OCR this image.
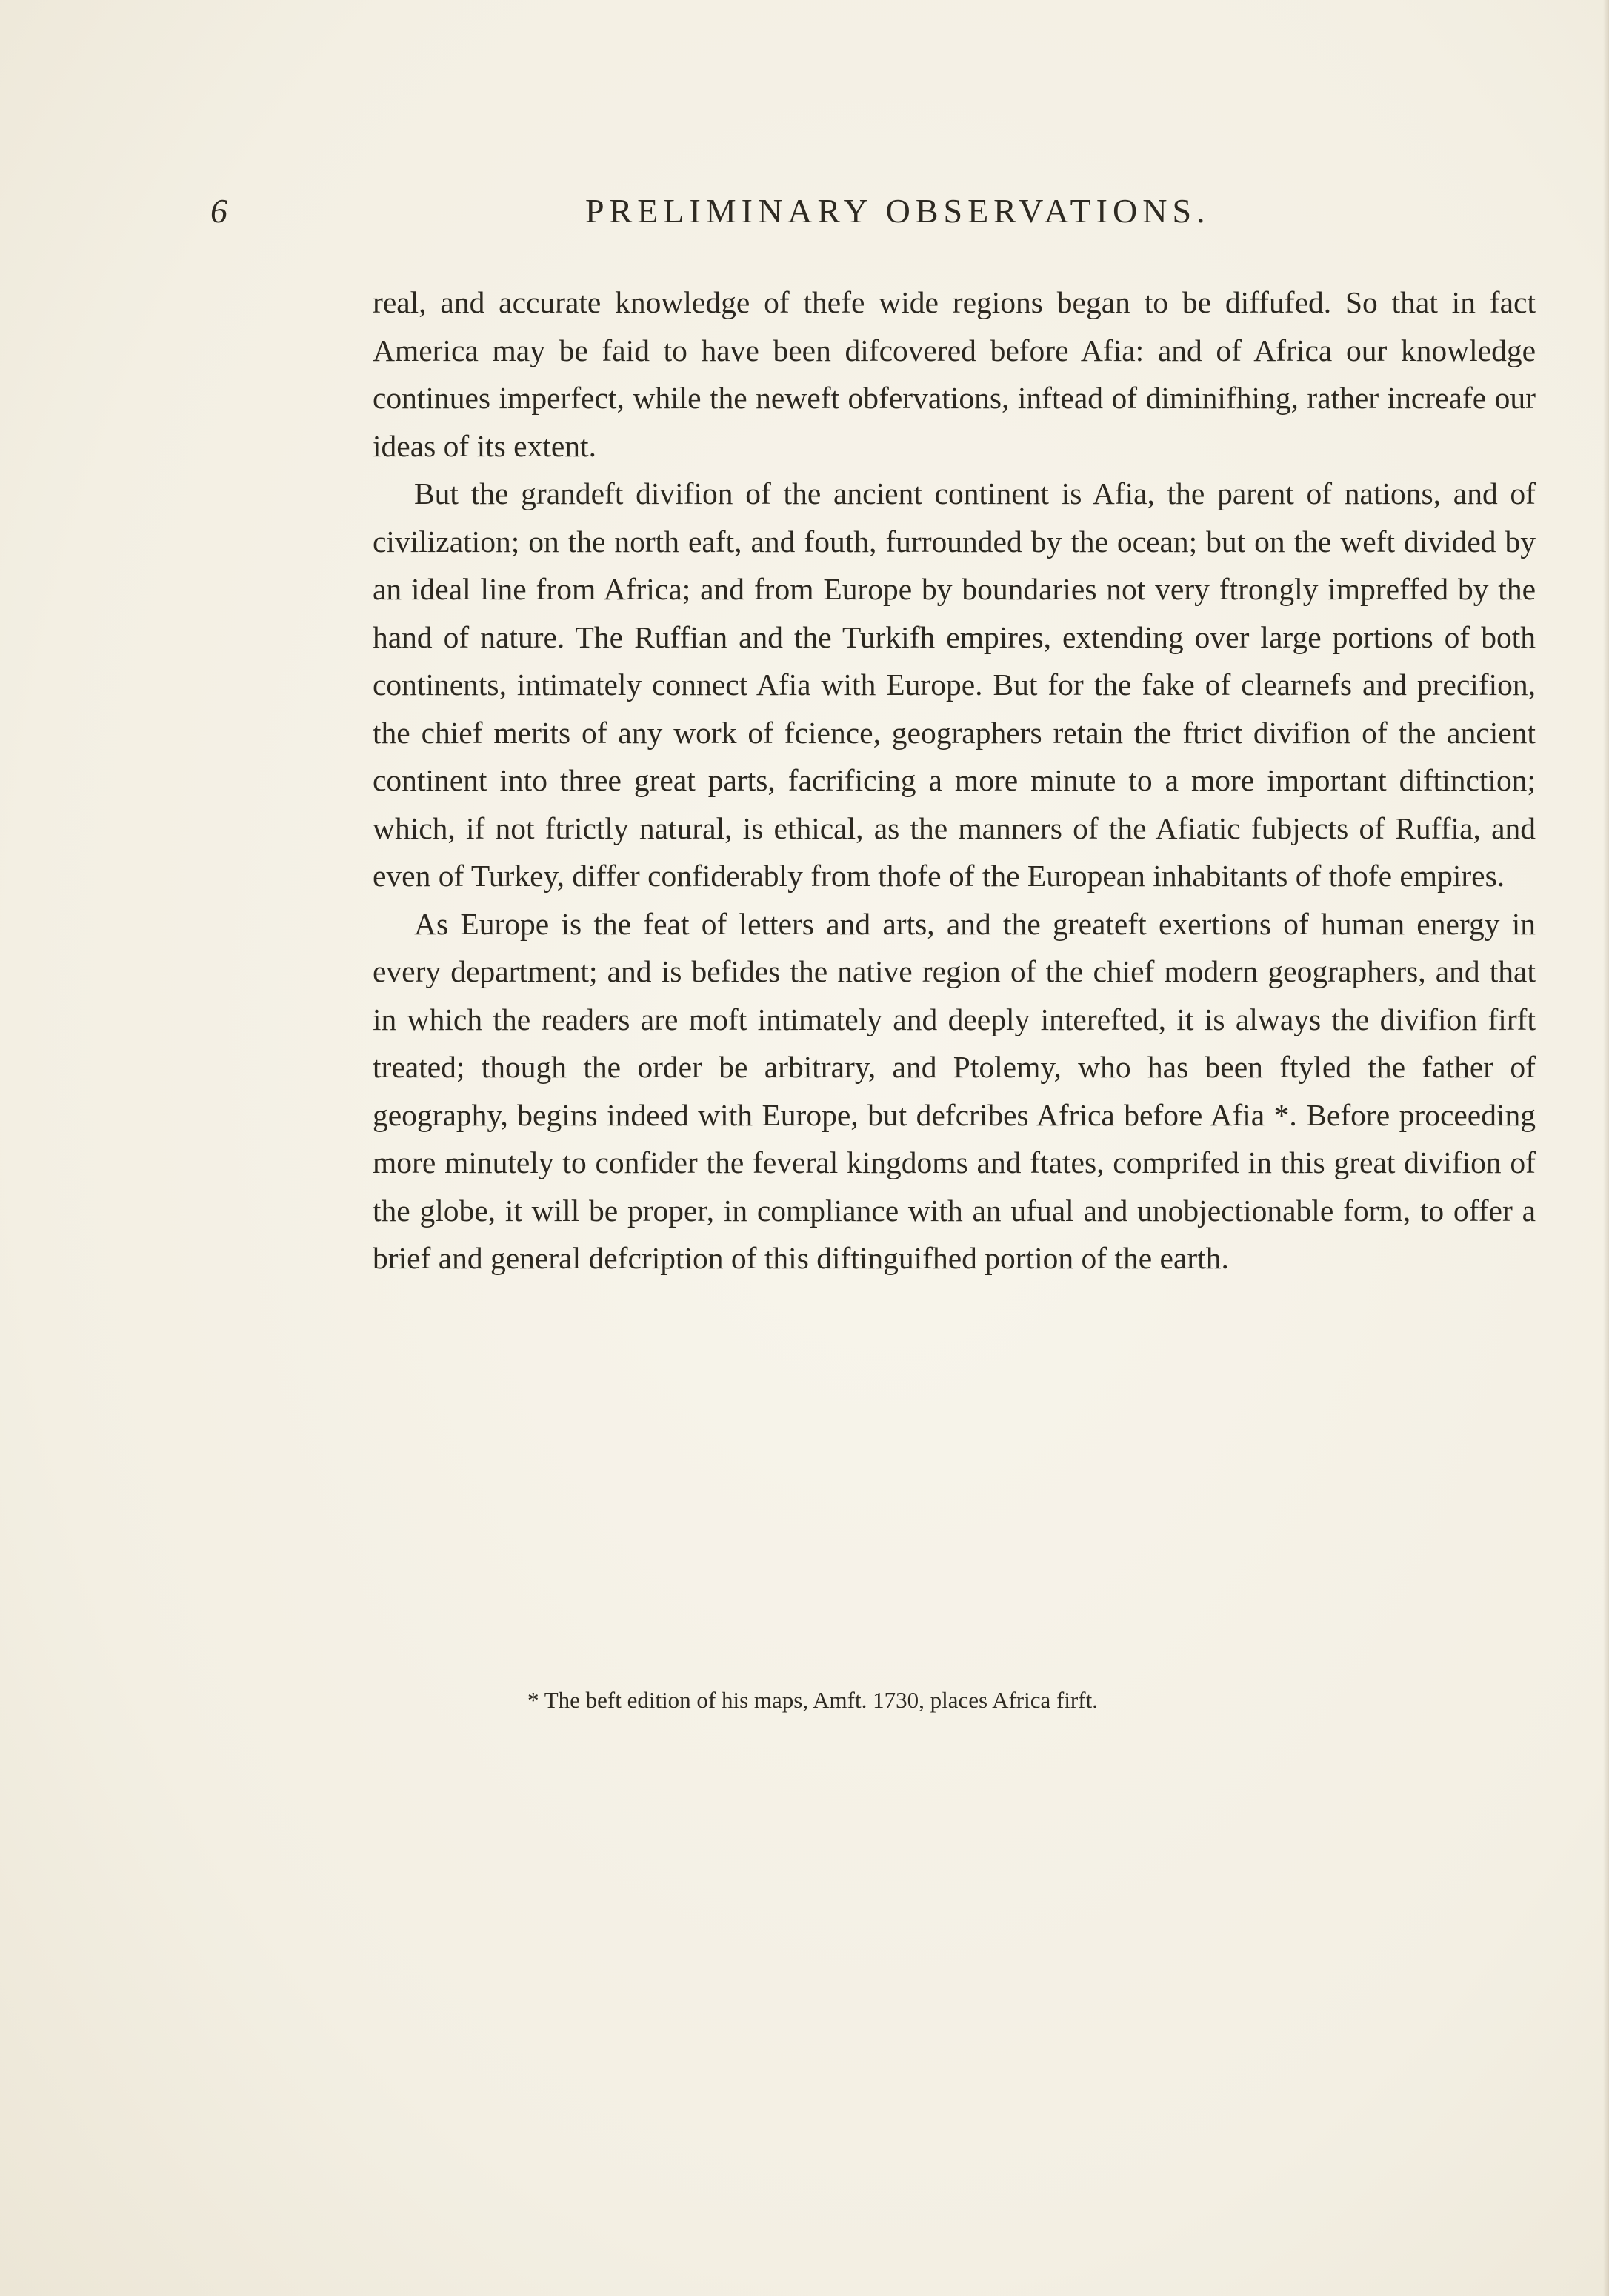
6	PRELIMINARY OBSERVATIONS.

real, and accurate knowledge of thefe wide regions began to be diffufed. So that in fact America may be faid to have been difcovered before Afia: and of Africa our knowledge continues imperfect, while the neweft obfervations, inftead of diminifhing, rather increafe our ideas of its extent.

But the grandeft divifion of the ancient continent is Afia, the parent of nations, and of civilization; on the north eaft, and fouth, furrounded by the ocean; but on the weft divided by an ideal line from Africa; and from Europe by boundaries not very ftrongly impreffed by the hand of nature. The Ruffian and the Turkifh empires, extending over large portions of both continents, intimately connect Afia with Europe. But for the fake of clearnefs and precifion, the chief merits of any work of fcience, geographers retain the ftrict divifion of the ancient continent into three great parts, facrificing a more minute to a more important diftinction; which, if not ftrictly natural, is ethical, as the manners of the Afiatic fubjects of Ruffia, and even of Turkey, differ confiderably from thofe of the European inhabitants of thofe empires.

As Europe is the feat of letters and arts, and the greateft exertions of human energy in every department; and is befides the native region of the chief modern geographers, and that in which the readers are moft intimately and deeply interefted, it is always the divifion firft treated; though the order be arbitrary, and Ptolemy, who has been ftyled the father of geography, begins indeed with Europe, but defcribes Africa before Afia *. Before proceeding more minutely to confider the feveral kingdoms and ftates, comprifed in this great divifion of the globe, it will be proper, in compliance with an ufual and unobjectionable form, to offer a brief and general defcription of this diftinguifhed portion of the earth.

* The beft edition of his maps, Amft. 1730, places Africa firft.
